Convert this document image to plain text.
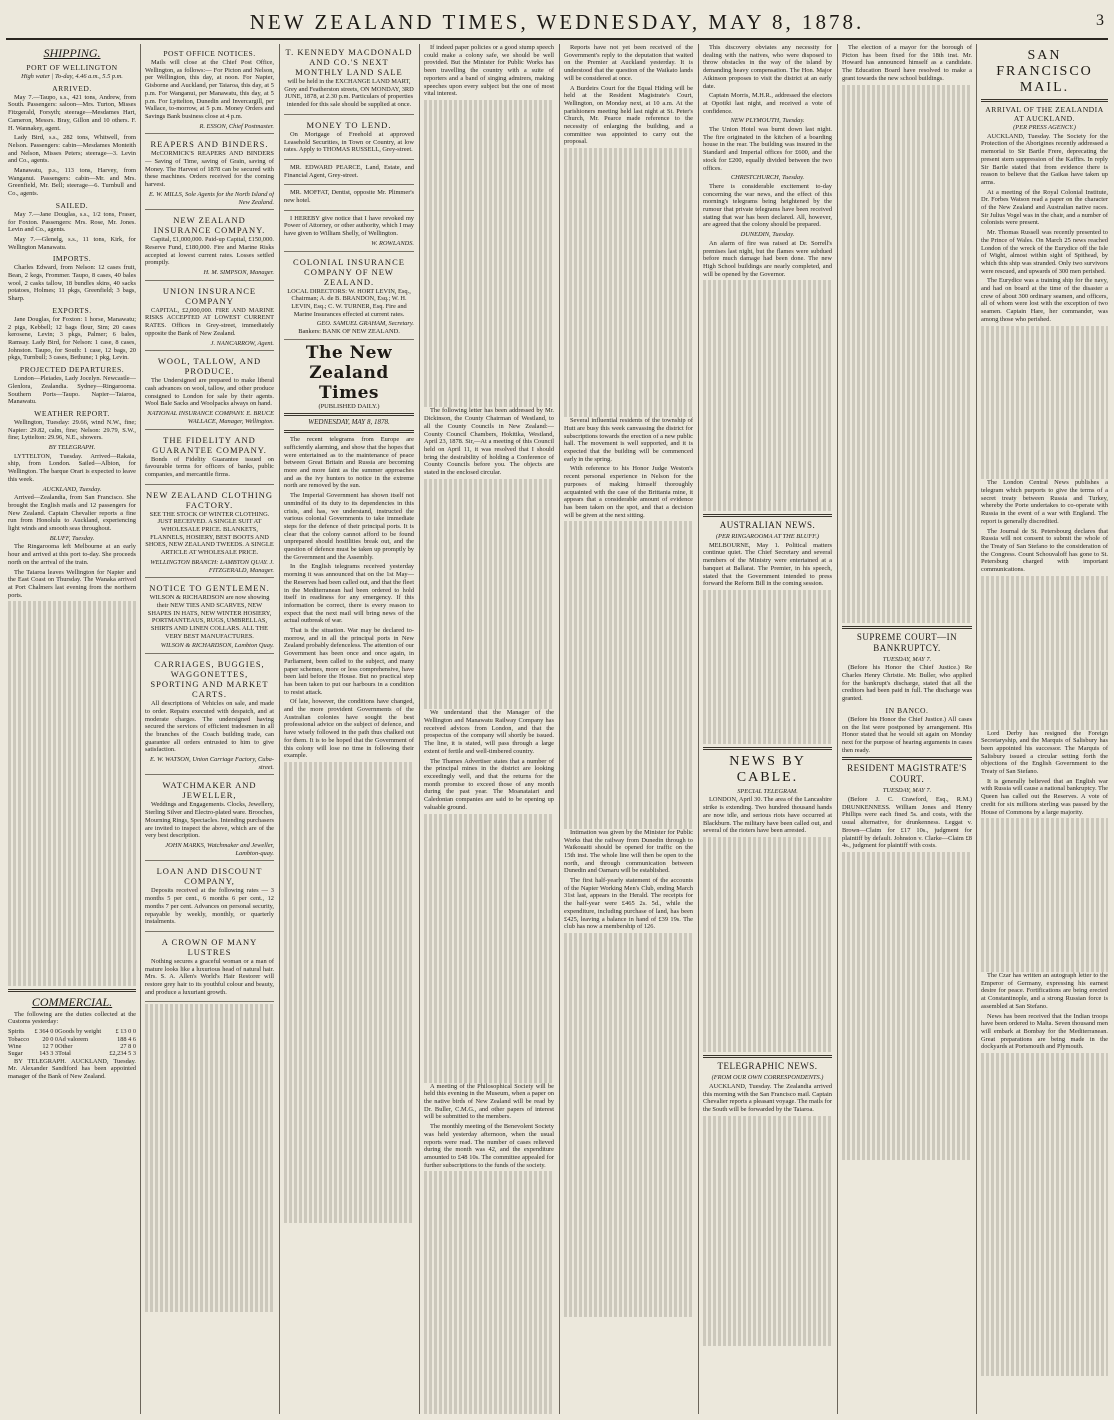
NEW ZEALAND TIMES, WEDNESDAY, MAY 8, 1878.	3
SHIPPING.
PORT OF WELLINGTON
High water | To-day, 4.46 a.m., 5.5 p.m.
ARRIVED.

May 7.—Taupo, s.s., 421 tons, Andrew, from South. Passengers: saloon—Mrs. Turton, Misses Fitzgerald, Forsyth; steerage—Mesdames Hart, Cameron, Messrs. Bray, Gillon and 10 others. F. H. Wannakey, agent.

Lady Bird, s.s., 282 tons, Whitwell, from Nelson. Passengers: cabin—Mesdames Monteith and Nelson, Misses Peters; steerage—3. Levin and Co., agents.

Manawatu, p.s., 113 tons, Harvey, from Wanganui. Passengers: cabin—Mr. and Mrs. Greenfield, Mr. Bell; steerage—6. Turnbull and Co., agents.

SAILED.

May 7.—Jane Douglas, s.s., 1/2 tons, Fraser, for Foxton. Passengers: Mrs. Rose, Mr. Jones. Levin and Co., agents.

May 7.—Glenelg, s.s., 11 tons, Kirk, for Wellington Manawatu.

IMPORTS.

Charles Edward, from Nelson: 12 cases fruit, Bean, 2 kegs, Frommer. Taupo, 8 cases, 40 bales wool, 2 casks tallow, 18 bundles skins, 40 sacks potatoes, Holmes; 11 pkgs, Greenfield; 3 bags, Sharp.

EXPORTS.

Jane Douglas, for Foxton: 1 horse, Manawatu; 2 pigs, Kebbell; 12 bags flour, Sim; 20 cases kerosene, Levin; 3 pkgs, Palmer; 6 bales, Ramsay. Lady Bird, for Nelson: 1 case, 8 cases, Johnston. Taupo, for South: 1 case, 12 bags, 20 pkgs, Turnbull; 3 cases, Bethune; 1 pkg, Levin.

PROJECTED DEPARTURES.

London—Pleiades, Lady Jocelyn. Newcastle—Glenlora, Zealandia. Sydney—Ringarooma. Southern Ports—Taupo. Napier—Taiaroa, Manawatu.

WEATHER REPORT.

Wellington, Tuesday: 29.66, wind N.W., fine; Napier: 29.82, calm, fine; Nelson: 29.79, S.W., fine; Lyttelton: 29.96, N.E., showers.

BY TELEGRAPH.

LYTTELTON, Tuesday. Arrived—Rakaia, ship, from London. Sailed—Albion, for Wellington. The barque Orari is expected to leave this week.

AUCKLAND, Tuesday.

Arrived—Zealandia, from San Francisco. She brought the English mails and 12 passengers for New Zealand. Captain Chevalier reports a fine run from Honolulu to Auckland, experiencing light winds and smooth seas throughout.

BLUFF, Tuesday.

The Ringarooma left Melbourne at an early hour and arrived at this port to-day. She proceeds north on the arrival of the train.

The Taiaroa leaves Wellington for Napier and the East Coast on Thursday. The Wanaka arrived at Port Chalmers last evening from the northern ports.

COMMERCIAL.

The following are the duties collected at the Customs yesterday:

Spirits	£ 364 0 0	Goods by weight	£ 13 0 0
Tobacco	20 0 0	Ad valorem	188 4 6
Wine	12 7 0	Other	27 8 0
Sugar	143 3 3	Total	£2,234 5 3

BY TELEGRAPH. AUCKLAND, Tuesday. Mr. Alexander Sandiford has been appointed manager of the Bank of New Zealand.

POST OFFICE NOTICES.

Mails will close at the Chief Post Office, Wellington, as follows:— For Picton and Nelson, per Wellington, this day, at noon. For Napier, Gisborne and Auckland, per Taiaroa, this day, at 5 p.m. For Wanganui, per Manawatu, this day, at 5 p.m. For Lyttelton, Dunedin and Invercargill, per Wallace, to-morrow, at 5 p.m. Money Orders and Savings Bank business close at 4 p.m.

R. ESSON, Chief Postmaster.
REAPERS AND BINDERS.

McCORMICK'S REAPERS AND BINDERS — Saving of Time, saving of Grain, saving of Money. The Harvest of 1878 can be secured with these machines. Orders received for the coming harvest.

E. W. MILLS, Sole Agents for the North Island of New Zealand.
NEW ZEALAND INSURANCE COMPANY.

Capital, £1,000,000. Paid-up Capital, £150,000. Reserve Fund, £180,000. Fire and Marine Risks accepted at lowest current rates. Losses settled promptly.

H. M. SIMPSON, Manager.
UNION INSURANCE COMPANY

CAPITAL, £2,000,000. FIRE AND MARINE RISKS ACCEPTED AT LOWEST CURRENT RATES. Offices in Grey-street, immediately opposite the Bank of New Zealand.

J. NANCARROW, Agent.
WOOL, TALLOW, AND PRODUCE.

The Undersigned are prepared to make liberal cash advances on wool, tallow, and other produce consigned to London for sale by their agents. Wool Bale Sacks and Woolpacks always on hand.

NATIONAL INSURANCE COMPANY. E. BRUCE WALLACE, Manager, Wellington.
THE FIDELITY AND GUARANTEE COMPANY.

Bonds of Fidelity Guarantee issued on favourable terms for officers of banks, public companies, and mercantile firms.

NEW ZEALAND CLOTHING FACTORY.

SEE THE STOCK OF WINTER CLOTHING. JUST RECEIVED. A SINGLE SUIT AT WHOLESALE PRICE. BLANKETS, FLANNELS, HOSIERY, BEST BOOTS AND SHOES, NEW ZEALAND TWEEDS. A SINGLE ARTICLE AT WHOLESALE PRICE.

WELLINGTON BRANCH: LAMBTON QUAY. J. FITZGERALD, Manager.
NOTICE TO GENTLEMEN.

WILSON & RICHARDSON are now showing their NEW TIES AND SCARVES, NEW SHAPES IN HATS, NEW WINTER HOSIERY, PORTMANTEAUS, RUGS, UMBRELLAS, SHIRTS AND LINEN COLLARS. ALL THE VERY BEST MANUFACTURES.

WILSON & RICHARDSON, Lambton Quay.
CARRIAGES, BUGGIES, WAGGONETTES, SPORTING AND MARKET CARTS.

All descriptions of Vehicles on sale, and made to order. Repairs executed with despatch, and at moderate charges. The undersigned having secured the services of efficient tradesmen in all the branches of the Coach building trade, can guarantee all orders entrusted to him to give satisfaction.

E. W. WATSON, Union Carriage Factory, Cuba-street.
WATCHMAKER AND JEWELLER,

Weddings and Engagements. Clocks, Jewellery, Sterling Silver and Electro-plated ware. Brooches, Mourning Rings, Spectacles. Intending purchasers are invited to inspect the above, which are of the very best description.

JOHN MARKS, Watchmaker and Jeweller, Lambton-quay.
LOAN AND DISCOUNT COMPANY,

Deposits received at the following rates — 3 months 5 per cent., 6 months 6 per cent., 12 months 7 per cent. Advances on personal security, repayable by weekly, monthly, or quarterly instalments.

A CROWN OF MANY LUSTRES

Nothing secures a graceful woman or a man of mature looks like a luxurious head of natural hair. Mrs. S. A. Allen's World's Hair Restorer will restore grey hair to its youthful colour and beauty, and produce a luxuriant growth.

T. KENNEDY MACDONALD AND CO.'S NEXT MONTHLY LAND SALE

will be held in the EXCHANGE LAND MART, Grey and Featherston streets, ON MONDAY, 3RD JUNE, 1878, at 2.30 p.m. Particulars of properties intended for this sale should be supplied at once.

MONEY TO LEND.

On Mortgage of Freehold at approved Leasehold Securities, in Town or Country, at low rates. Apply to THOMAS RUSSELL, Grey-street.

MR. EDWARD PEARCE, Land, Estate, and Financial Agent, Grey-street.

MR. MOFFAT, Dentist, opposite Mr. Plimmer's new hotel.

I HEREBY give notice that I have revoked my Power of Attorney, or other authority, which I may have given to William Shelly, of Wellington.

W. ROWLANDS.
COLONIAL INSURANCE COMPANY OF NEW ZEALAND.

LOCAL DIRECTORS: W. HORT LEVIN, Esq., Chairman; A. de B. BRANDON, Esq.; W. H. LEVIN, Esq.; C. W. TURNER, Esq. Fire and Marine Insurances effected at current rates.

GEO. SAMUEL GRAHAM, Secretary.
Bankers: BANK OF NEW ZEALAND.
The New Zealand Times
(PUBLISHED DAILY.)
WEDNESDAY, MAY 8, 1878.

The recent telegrams from Europe are sufficiently alarming, and show that the hopes that were entertained as to the maintenance of peace between Great Britain and Russia are becoming more and more faint as the summer approaches and as the ivy hunters to notice in the extreme north are removed by the sun.

The Imperial Government has shown itself not unmindful of its duty to its dependencies in this crisis, and has, we understand, instructed the various colonial Governments to take immediate steps for the defence of their principal ports. It is clear that the colony cannot afford to be found unprepared should hostilities break out, and the question of defence must be taken up promptly by the Government and the Assembly.

In the English telegrams received yesterday morning it was announced that on the 1st May— the Reserves had been called out, and that the fleet in the Mediterranean had been ordered to hold itself in readiness for any emergency. If this information be correct, there is every reason to expect that the next mail will bring news of the actual outbreak of war.

That is the situation. War may be declared to-morrow, and in all the principal ports in New Zealand probably defenceless. The attention of our Government has been once and once again, in Parliament, been called to the subject, and many paper schemes, more or less comprehensive, have been laid before the House. But no practical step has been taken to put our harbours in a condition to resist attack.

Of late, however, the conditions have changed, and the more provident Governments of the Australian colonies have sought the best professional advice on the subject of defence, and have wisely followed in the path thus chalked out for them. It is to be hoped that the Government of this colony will lose no time in following their example.

If indeed paper policies or a good stump speech could make a colony safe, we should be well provided. But the Minister for Public Works has been travelling the country with a suite of reporters and a band of singing admirers, making speeches upon every subject but the one of most vital interest.

The following letter has been addressed by Mr. Dickinson, the County Chairman of Westland, to all the County Councils in New Zealand:— County Council Chambers, Hokitika, Westland, April 23, 1878. Sir,—At a meeting of this Council held on April 11, it was resolved that I should bring the desirability of holding a Conference of County Councils before you. The objects are stated in the enclosed circular.

We understand that the Manager of the Wellington and Manawatu Railway Company has received advices from London, and that the prospectus of the company will shortly be issued. The line, it is stated, will pass through a large extent of fertile and well-timbered country.

The Thames Advertiser states that a number of the principal mines in the district are looking exceedingly well, and that the returns for the month promise to exceed those of any month during the past year. The Moanataiari and Caledonian companies are said to be opening up valuable ground.

A meeting of the Philosophical Society will be held this evening in the Museum, when a paper on the native birds of New Zealand will be read by Dr. Buller, C.M.G., and other papers of interest will be submitted to the members.

The monthly meeting of the Benevolent Society was held yesterday afternoon, when the usual reports were read. The number of cases relieved during the month was 42, and the expenditure amounted to £48 10s. The committee appealed for further subscriptions to the funds of the society.

Reports have not yet been received of the Government's reply to the deputation that waited on the Premier at Auckland yesterday. It is understood that the question of the Waikato lands will be considered at once.

A Burdeirs Court for the Equal Hiding will be held at the Resident Magistrate's Court, Wellington, on Monday next, at 10 a.m. At the parishioners meeting held last night at St. Peter's Church, Mr. Pearce made reference to the necessity of enlarging the building, and a committee was appointed to carry out the proposal.

Several influential residents of the township of Hutt are busy this week canvassing the district for subscriptions towards the erection of a new public hall. The movement is well supported, and it is expected that the building will be commenced early in the spring.

With reference to his Honor Judge Weston's recent personal experience in Nelson for the purposes of making himself thoroughly acquainted with the case of the Brittania mine, it appears that a considerable amount of evidence has been taken on the spot, and that a decision will be given at the next sitting.

Intimation was given by the Minister for Public Works that the railway from Dunedin through to Waikouaiti should be opened for traffic on the 15th inst. The whole line will then be open to the north, and through communication between Dunedin and Oamaru will be established.

The first half-yearly statement of the accounts of the Napier Working Men's Club, ending March 31st last, appears in the Herald. The receipts for the half-year were £465 2s. 5d., while the expenditure, including purchase of land, has been £425, leaving a balance in hand of £39 19s. The club has now a membership of 126.

This discovery obviates any necessity for dealing with the natives, who were disposed to throw obstacles in the way of the island by demanding heavy compensation. The Hon. Major Atkinson proposes to visit the district at an early date.

Captain Morris, M.H.R., addressed the electors at Opotiki last night, and received a vote of confidence.

NEW PLYMOUTH, Tuesday.

The Union Hotel was burnt down last night. The fire originated in the kitchen of a boarding house in the rear. The building was insured in the Standard and Imperial offices for £600, and the stock for £200, equally divided between the two offices.

CHRISTCHURCH, Tuesday.

There is considerable excitement to-day concerning the war news, and the effect of this morning's telegrams being heightened by the rumour that private telegrams have been received stating that war has been declared. All, however, are agreed that the colony should be prepared.

DUNEDIN, Tuesday.

An alarm of fire was raised at Dr. Sorrell's premises last night, but the flames were subdued before much damage had been done. The new High School buildings are nearly completed, and will be opened by the Governor.

AUSTRALIAN NEWS.
(PER RINGAROOMA AT THE BLUFF.)

MELBOURNE, May 1. Political matters continue quiet. The Chief Secretary and several members of the Ministry were entertained at a banquet at Ballarat. The Premier, in his speech, stated that the Government intended to press forward the Reform Bill in the coming session.

NEWS BY CABLE.
SPECIAL TELEGRAM.

LONDON, April 30. The area of the Lancashire strike is extending. Two hundred thousand hands are now idle, and serious riots have occurred at Blackburn. The military have been called out, and several of the rioters have been arrested.

TELEGRAPHIC NEWS.
(FROM OUR OWN CORRESPONDENTS.)

AUCKLAND, Tuesday. The Zealandia arrived this morning with the San Francisco mail. Captain Chevalier reports a pleasant voyage. The mails for the South will be forwarded by the Taiaroa.

The election of a mayor for the borough of Picton has been fixed for the 18th inst. Mr. Howard has announced himself as a candidate. The Education Board have resolved to make a grant towards the new school buildings.

SUPREME COURT—IN BANKRUPTCY.
TUESDAY, MAY 7.

(Before his Honor the Chief Justice.) Re Charles Henry Christie. Mr. Buller, who applied for the bankrupt's discharge, stated that all the creditors had been paid in full. The discharge was granted.

IN BANCO.

(Before his Honor the Chief Justice.) All cases on the list were postponed by arrangement. His Honor stated that he would sit again on Monday next for the purpose of hearing arguments in cases then ready.

RESIDENT MAGISTRATE'S COURT.
TUESDAY, MAY 7.

(Before J. C. Crawford, Esq., R.M.) DRUNKENNESS. William Jones and Henry Phillips were each fined 5s. and costs, with the usual alternative, for drunkenness. Leggat v. Brown—Claim for £17 10s., judgment for plaintiff by default. Johnston v. Clarke—Claim £8 4s., judgment for plaintiff with costs.

SAN FRANCISCO MAIL.
ARRIVAL OF THE ZEALANDIA AT AUCKLAND.
(PER PRESS AGENCY.)

AUCKLAND, Tuesday. The Society for the Protection of the Aborigines recently addressed a memorial to Sir Bartle Frere, deprecating the present stern suppression of the Kaffirs. In reply Sir Bartle stated that from evidence there is reason to believe that the Gaikas have taken up arms.

At a meeting of the Royal Colonial Institute, Dr. Forbes Watson read a paper on the character of the New Zealand and Australian native races. Sir Julius Vogel was in the chair, and a number of colonists were present.

Mr. Thomas Russell was recently presented to the Prince of Wales. On March 25 news reached London of the wreck of the Eurydice off the Isle of Wight, almost within sight of Spithead, by which this ship was stranded. Only two survivors were rescued, and upwards of 300 men perished.

The Eurydice was a training ship for the navy, and had on board at the time of the disaster a crew of about 300 ordinary seamen, and officers, all of whom were lost with the exception of two seamen. Captain Hare, her commander, was among those who perished.

The London Central News publishes a telegram which purports to give the terms of a secret treaty between Russia and Turkey, whereby the Porte undertakes to co-operate with Russia in the event of a war with England. The report is generally discredited.

The Journal de St. Petersbourg declares that Russia will not consent to submit the whole of the Treaty of San Stefano to the consideration of the Congress. Count Schouvaloff has gone to St. Petersburg charged with important communications.

Lord Derby has resigned the Foreign Secretaryship, and the Marquis of Salisbury has been appointed his successor. The Marquis of Salisbury issued a circular setting forth the objections of the English Government to the Treaty of San Stefano.

It is generally believed that an English war with Russia will cause a national bankruptcy. The Queen has called out the Reserves. A vote of credit for six millions sterling was passed by the House of Commons by a large majority.

The Czar has written an autograph letter to the Emperor of Germany, expressing his earnest desire for peace. Fortifications are being erected at Constantinople, and a strong Russian force is assembled at San Stefano.

News has been received that the Indian troops have been ordered to Malta. Seven thousand men will embark at Bombay for the Mediterranean. Great preparations are being made in the dockyards at Portsmouth and Plymouth.
